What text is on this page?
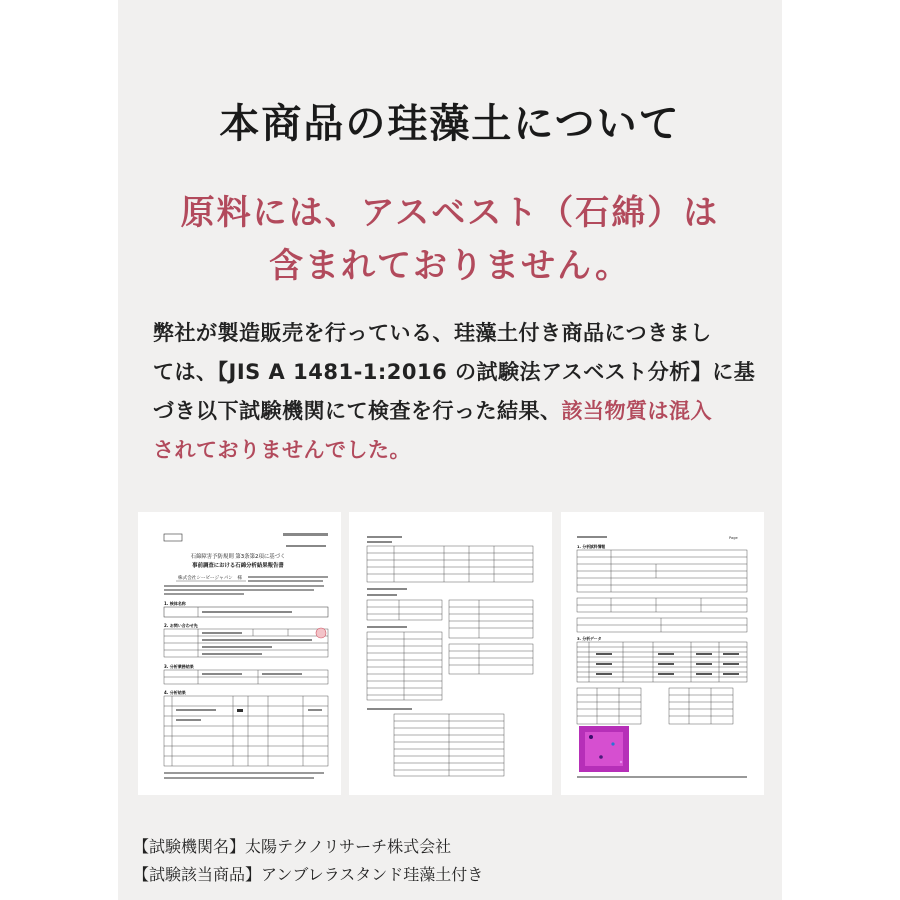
本商品の珪藻土について
原料には、アスベスト（石綿）は
含まれておりません。
弊社が製造販売を行っている、珪藻土付き商品につきまし
ては、【JIS A 1481-1:2016 の試験法アスベスト分析】に基
づき以下試験機関にて検査を行った結果、該当物質は混入
されておりませんでした。
石綿障害予防規則 第3条第2項に基づく
事前調査における石綿分析結果報告書
株式会社シービージャパン　様
1. 検体名称
2. お問い合わせ先
3. 分析業務結果
4. 分析結果
Page
1. 分析試料情報
3. 分析データ
【試験機関名】太陽テクノリサーチ株式会社
【試験該当商品】アンブレラスタンド珪藻土付き
